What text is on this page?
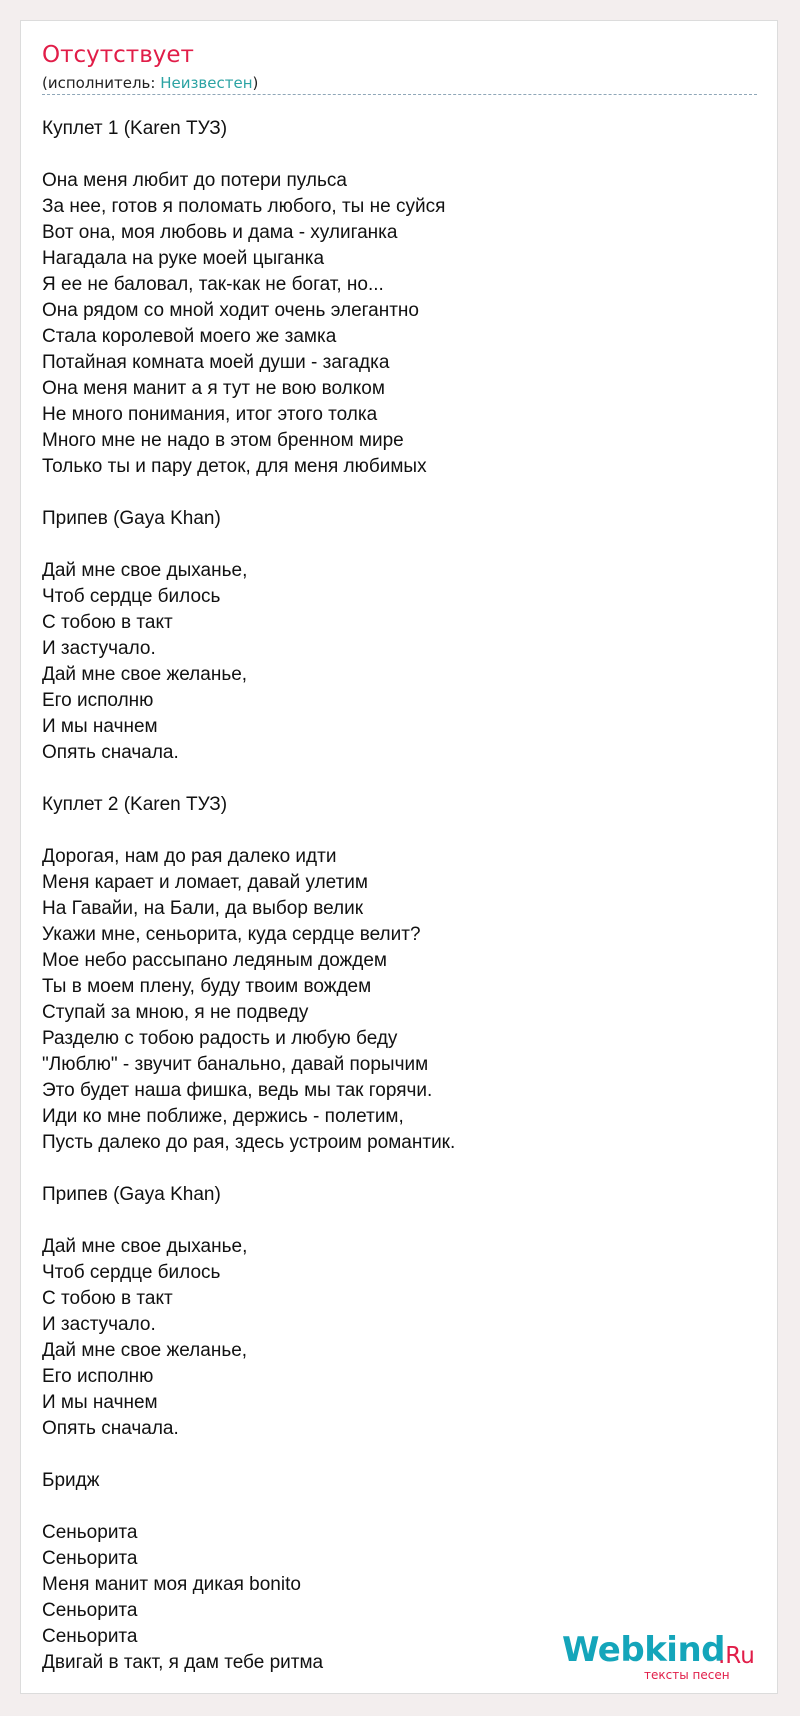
Отсутствует
(исполнитель: Неизвестен)
Куплет 1 (Karen ТУЗ)
Она меня любит до потери пульса
За нее, готов я поломать любого, ты не суйся
Вот она, моя любовь и дама - хулиганка
Нагадала на руке моей цыганка
Я ее не баловал, так-как не богат, но...
Она рядом со мной ходит очень элегантно
Стала королевой моего же замка
Потайная комната моей души - загадка
Она меня манит а я тут не вою волком
Не много понимания, итог этого толка
Много мне не надо в этом бренном мире
Только ты и пару деток, для меня любимых
Припев (Gaya Khan)
Дай мне свое дыханье,
Чтоб сердце билось
С тобою в такт
И застучало.
Дай мне свое желанье,
Его исполню
И мы начнем
Опять сначала.
Куплет 2 (Karen ТУЗ)
Дорогая, нам до рая далеко идти
Меня карает и ломает, давай улетим
На Гавайи, на Бали, да выбор велик
Укажи мне, сеньорита, куда сердце велит?
Мое небо рассыпано ледяным дождем
Ты в моем плену, буду твоим вождем
Ступай за мною, я не подведу
Разделю с тобою радость и любую беду
"Люблю" - звучит банально, давай порычим
Это будет наша фишка, ведь мы так горячи.
Иди ко мне поближе, держись - полетим,
Пусть далеко до рая, здесь устроим романтик.
Припев (Gaya Khan)
Дай мне свое дыханье,
Чтоб сердце билось
С тобою в такт
И застучало.
Дай мне свое желанье,
Его исполню
И мы начнем
Опять сначала.
Бридж
Сеньорита
Сеньорита
Меня манит моя дикая bonito
Сеньорита
Сеньорита
Двигай в такт, я дам тебе ритма	Webkind
.Ru
тексты песен
